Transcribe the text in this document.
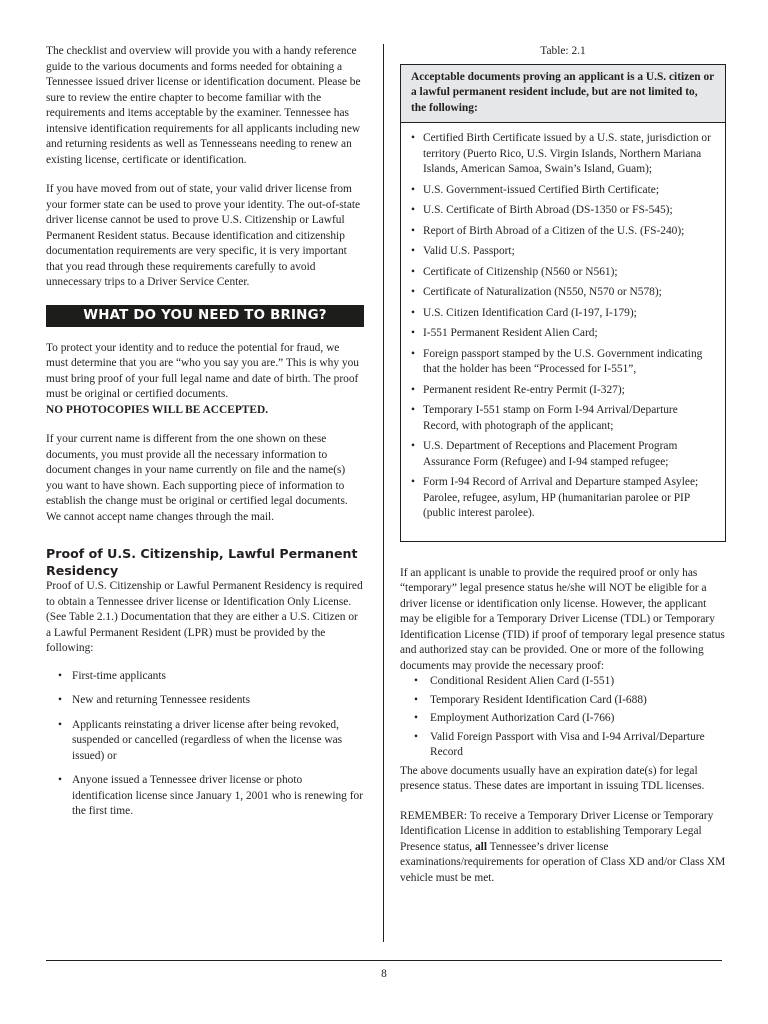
The checklist and overview will provide you with a handy reference guide to the various documents and forms needed for obtaining a Tennessee issued driver license or identification document. Please be sure to review the entire chapter to become familiar with the requirements and items acceptable by the examiner. Tennessee has intensive identification requirements for all applicants including new and returning residents as well as Tennesseans needing to renew an existing license, certificate or identification.

If you have moved from out of state, your valid driver license from your former state can be used to prove your identity. The out-of-state driver license cannot be used to prove U.S. Citizenship or Lawful Permanent Resident status. Because identification and citizenship documentation requirements are very specific, it is very important that you read through these requirements carefully to avoid unnecessary trips to a Driver Service Center.

WHAT DO YOU NEED TO BRING?

To protect your identity and to reduce the potential for fraud, we must determine that you are “who you say you are.” This is why you must bring proof of your full legal name and date of birth. The proof must be original or certified documents.

NO PHOTOCOPIES WILL BE ACCEPTED.

If your current name is different from the one shown on these documents, you must provide all the necessary information to document changes in your name currently on file and the name(s) you want to have shown. Each supporting piece of information to establish the change must be original or certified legal documents. We cannot accept name changes through the mail.

Proof of U.S. Citizenship, Lawful Permanent Residency

Proof of U.S. Citizenship or Lawful Permanent Residency is required to obtain a Tennessee driver license or Identification Only License. (See Table 2.1.) Documentation that they are either a U.S. Citizen or a Lawful Permanent Resident (LPR) must be provided by the following:

• First-time applicants
• New and returning Tennessee residents
• Applicants reinstating a driver license after being revoked, suspended or cancelled (regardless of when the license was issued) or
• Anyone issued a Tennessee driver license or photo identification license since January 1, 2001 who is renewing for the first time.
Table: 2.1
Acceptable documents proving an applicant is a U.S. citizen or a lawful permanent resident include, but are not limited to, the following:
• Certified Birth Certificate issued by a U.S. state, jurisdiction or territory (Puerto Rico, U.S. Virgin Islands, Northern Mariana Islands, American Samoa, Swain’s Island, Guam);
• U.S. Government-issued Certified Birth Certificate;
• U.S. Certificate of Birth Abroad (DS-1350 or FS-545);
• Report of Birth Abroad of a Citizen of the U.S. (FS-240);
• Valid U.S. Passport;
• Certificate of Citizenship (N560 or N561);
• Certificate of Naturalization (N550, N570 or N578);
• U.S. Citizen Identification Card (I-197, I-179);
• I-551 Permanent Resident Alien Card;
• Foreign passport stamped by the U.S. Government indicating that the holder has been “Processed for I-551”,
• Permanent resident Re-entry Permit (I-327);
• Temporary I-551 stamp on Form I-94 Arrival/Departure Record, with photograph of the applicant;
• U.S. Department of Receptions and Placement Program Assurance Form (Refugee) and I-94 stamped refugee;
• Form I-94 Record of Arrival and Departure stamped Asylee; Parolee, refugee, asylum, HP (humanitarian parolee or PIP (public interest parolee).

If an applicant is unable to provide the required proof or only has “temporary” legal presence status he/she will NOT be eligible for a driver license or identification only license. However, the applicant may be eligible for a Temporary Driver License (TDL) or Temporary Identification License (TID) if proof of temporary legal presence status and authorized stay can be provided. One or more of the following documents may provide the necessary proof:

• Conditional Resident Alien Card (I-551)
• Temporary Resident Identification Card (I-688)
• Employment Authorization Card (I-766)
• Valid Foreign Passport with Visa and I-94 Arrival/Departure Record

The above documents usually have an expiration date(s) for legal presence status. These dates are important in issuing TDL licenses.

REMEMBER: To receive a Temporary Driver License or Temporary Identification License in addition to establishing Temporary Legal Presence status, all Tennessee’s driver license examinations/requirements for operation of Class XD and/or Class XM vehicle must be met.

8
